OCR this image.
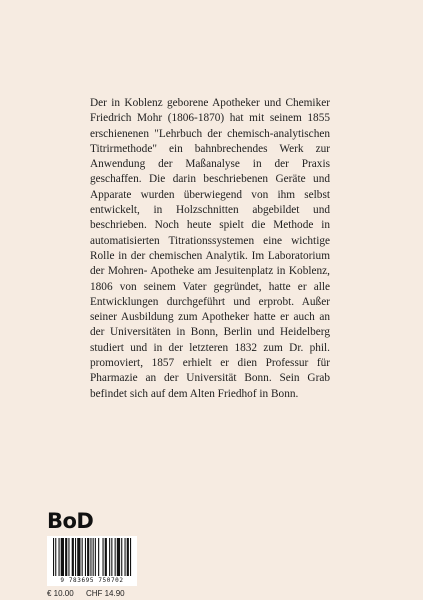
Der in Koblenz geborene Apotheker und Chemiker Friedrich Mohr (1806-1870) hat mit seinem 1855 erschienenen "Lehrbuch der chemisch-analytischen Titrirmethode" ein bahnbrechendes Werk zur Anwendung der Maßanalyse in der Praxis geschaffen. Die darin beschriebenen Geräte und Apparate wurden überwiegend von ihm selbst entwickelt, in Holzschnitten abgebildet und beschrieben. Noch heute spielt die Methode in automatisierten Titrationssystemen eine wichtige Rolle in der chemischen Analytik. Im Laboratorium der Mohren- Apotheke am Jesuitenplatz in Koblenz, 1806 von seinem Vater gegründet, hatte er alle Entwicklungen durchgeführt und erprobt. Außer seiner Ausbildung zum Apotheker hatte er auch an der Universitäten in Bonn, Berlin und Heidelberg studiert und in der letzteren 1832 zum Dr. phil. promoviert, 1857 erhielt er dien Professur für Pharmazie an der Universität Bonn. Sein Grab befindet sich auf dem Alten Friedhof in Bonn.

BoD
9 783695 750702
€ 10.00 CHF 14.90
